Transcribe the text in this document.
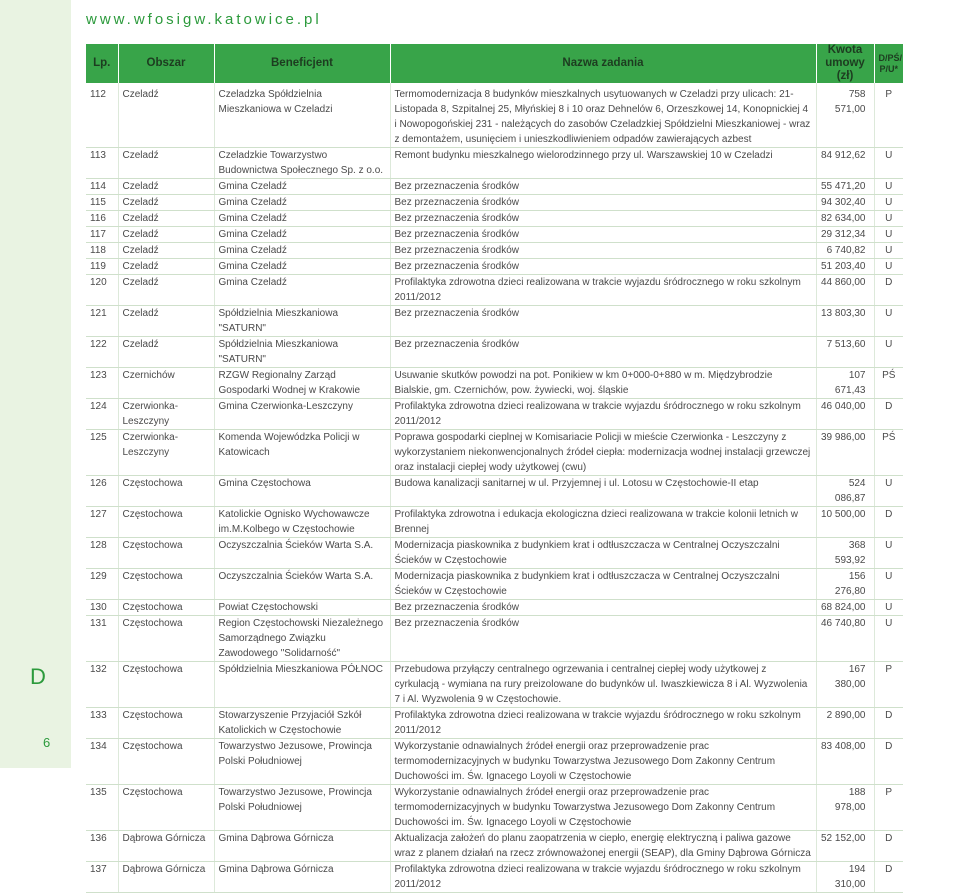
D
6
www.wfosigw.katowice.pl
Lp.	Obszar	Beneficjent	Nazwa zadania	Kwota umowy (zł)	D/PŚ/ P/U*
112	Czeladź	Czeladzka Spółdzielnia Mieszkaniowa w Czeladzi	Termomodernizacja 8 budynków mieszkalnych usytuowanych w Czeladzi przy ulicach: 21-Listopada 8, Szpitalnej 25, Młyńskiej 8 i 10 oraz Dehnelów 6, Orzeszkowej 14, Konopnickiej 4 i Nowopogońskiej 231 - należących do zasobów Czeladzkiej Spółdzielni Mieszkaniowej - wraz z demontażem, usunięciem i unieszkodliwieniem odpadów zawierających azbest	758 571,00	P
113	Czeladź	Czeladzkie Towarzystwo Budownictwa Społecznego Sp. z o.o.	Remont budynku mieszkalnego wielorodzinnego przy ul. Warszawskiej 10 w Czeladzi	84 912,62	U
114	Czeladź	Gmina Czeladź	Bez przeznaczenia środków	55 471,20	U
115	Czeladź	Gmina Czeladź	Bez przeznaczenia środków	94 302,40	U
116	Czeladź	Gmina Czeladź	Bez przeznaczenia środków	82 634,00	U
117	Czeladź	Gmina Czeladź	Bez przeznaczenia środków	29 312,34	U
118	Czeladź	Gmina Czeladź	Bez przeznaczenia środków	6 740,82	U
119	Czeladź	Gmina Czeladź	Bez przeznaczenia środków	51 203,40	U
120	Czeladź	Gmina Czeladź	Profilaktyka zdrowotna dzieci realizowana w trakcie wyjazdu śródrocznego w roku szkolnym 2011/2012	44 860,00	D
121	Czeladź	Spółdzielnia Mieszkaniowa "SATURN"	Bez przeznaczenia środków	13 803,30	U
122	Czeladź	Spółdzielnia Mieszkaniowa "SATURN"	Bez przeznaczenia środków	7 513,60	U
123	Czernichów	RZGW Regionalny Zarząd Gospodarki Wodnej w Krakowie	Usuwanie skutków powodzi na pot. Ponikiew w km 0+000-0+880 w m. Międzybrodzie Bialskie, gm. Czernichów, pow. żywiecki, woj. śląskie	107 671,43	PŚ
124	Czerwionka-Leszczyny	Gmina Czerwionka-Leszczyny	Profilaktyka zdrowotna dzieci realizowana w trakcie wyjazdu śródrocznego w roku szkolnym 2011/2012	46 040,00	D
125	Czerwionka-Leszczyny	Komenda Wojewódzka Policji w Katowicach	Poprawa gospodarki cieplnej w Komisariacie Policji w mieście Czerwionka - Leszczyny z wykorzystaniem niekonwencjonalnych źródeł ciepła: modernizacja wodnej instalacji grzewczej oraz instalacji ciepłej wody użytkowej (cwu)	39 986,00	PŚ
126	Częstochowa	Gmina Częstochowa	Budowa kanalizacji sanitarnej w ul. Przyjemnej i ul. Lotosu w Częstochowie-II etap	524 086,87	U
127	Częstochowa	Katolickie Ognisko Wychowawcze im.M.Kolbego w Częstochowie	Profilaktyka zdrowotna i edukacja ekologiczna dzieci realizowana w trakcie kolonii letnich w Brennej	10 500,00	D
128	Częstochowa	Oczyszczalnia Ścieków Warta S.A.	Modernizacja piaskownika z budynkiem krat i odtłuszczacza w Centralnej Oczyszczalni Ścieków w Częstochowie	368 593,92	U
129	Częstochowa	Oczyszczalnia Ścieków Warta S.A.	Modernizacja piaskownika z budynkiem krat i odtłuszczacza w Centralnej Oczyszczalni Ścieków w Częstochowie	156 276,80	U
130	Częstochowa	Powiat Częstochowski	Bez przeznaczenia środków	68 824,00	U
131	Częstochowa	Region Częstochowski Niezależnego Samorządnego Związku Zawodowego "Solidarność"	Bez przeznaczenia środków	46 740,80	U
132	Częstochowa	Spółdzielnia Mieszkaniowa PÓŁNOC	Przebudowa przyłączy centralnego ogrzewania i centralnej ciepłej wody użytkowej z cyrkulacją - wymiana na rury preizolowane do budynków ul. Iwaszkiewicza 8 i Al. Wyzwolenia 7 i Al. Wyzwolenia 9 w Częstochowie.	167 380,00	P
133	Częstochowa	Stowarzyszenie Przyjaciół Szkół Katolickich w Częstochowie	Profilaktyka zdrowotna dzieci realizowana w trakcie wyjazdu śródrocznego w roku szkolnym 2011/2012	2 890,00	D
134	Częstochowa	Towarzystwo Jezusowe, Prowincja Polski Południowej	Wykorzystanie odnawialnych źródeł energii oraz przeprowadzenie prac termomodernizacyjnych w budynku Towarzystwa Jezusowego Dom Zakonny Centrum Duchowości im. Św. Ignacego Loyoli w Częstochowie	83 408,00	D
135	Częstochowa	Towarzystwo Jezusowe, Prowincja Polski Południowej	Wykorzystanie odnawialnych źródeł energii oraz przeprowadzenie prac termomodernizacyjnych w budynku Towarzystwa Jezusowego Dom Zakonny Centrum Duchowości im. Św. Ignacego Loyoli w Częstochowie	188 978,00	P
136	Dąbrowa Górnicza	Gmina Dąbrowa Górnicza	Aktualizacja założeń do planu zaopatrzenia w ciepło, energię elektryczną i paliwa gazowe wraz z planem działań na rzecz zrównoważonej energii (SEAP), dla Gminy Dąbrowa Górnicza	52 152,00	D
137	Dąbrowa Górnicza	Gmina Dąbrowa Górnicza	Profilaktyka zdrowotna dzieci realizowana w trakcie wyjazdu śródrocznego w roku szkolnym 2011/2012	194 310,00	D
